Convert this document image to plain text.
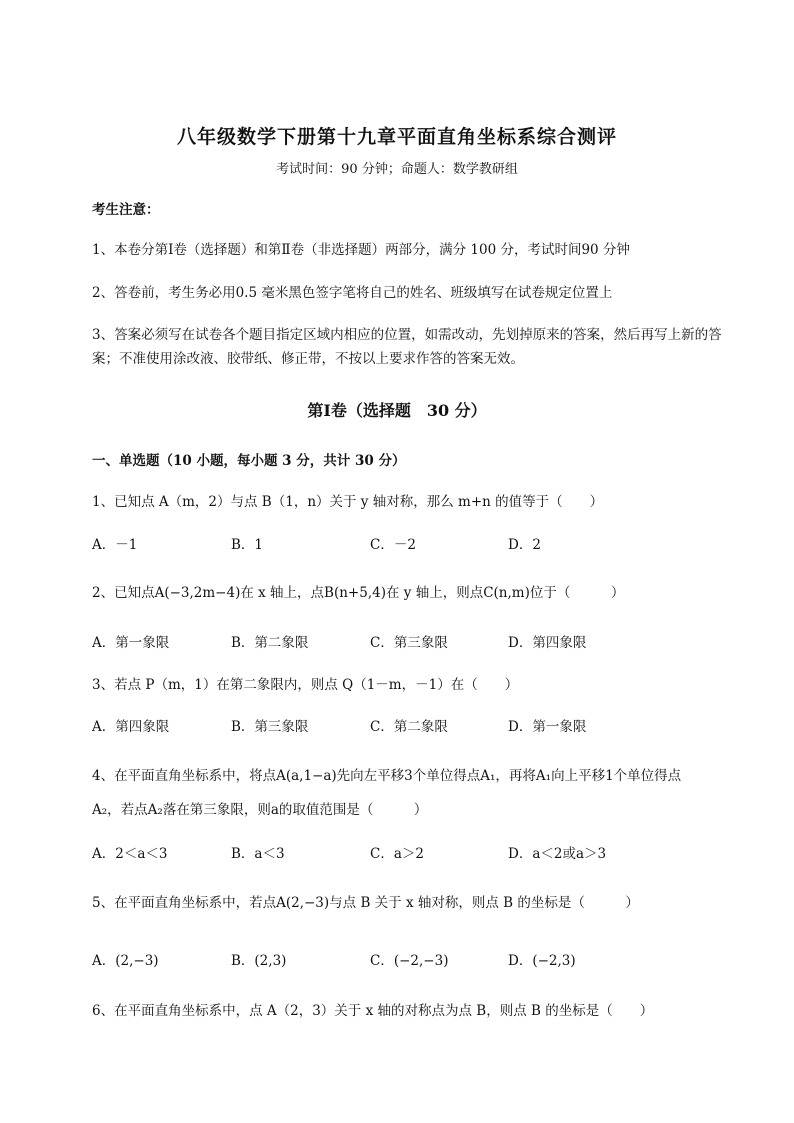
八年级数学下册第十九章平面直角坐标系综合测评
考试时间：90 分钟；命题人：数学教研组
考生注意：
1、本卷分第Ⅰ卷（选择题）和第Ⅱ卷（非选择题）两部分，满分 100 分，考试时间90 分钟
2、答卷前，考生务必用0.5 毫米黑色签字笔将自己的姓名、班级填写在试卷规定位置上
3、答案必须写在试卷各个题目指定区域内相应的位置，如需改动，先划掉原来的答案，然后再写上新的答案；不准使用涂改液、胶带纸、修正带，不按以上要求作答的答案无效。
第Ⅰ卷（选择题　30 分）
一、单选题（10 小题，每小题 3 分，共计 30 分）
1、已知点 A（m，2）与点 B（1，n）关于 y 轴对称，那么 m+n 的值等于（　　）
A．－1	B．1	C．－2	D．2
2、已知点A(−3,2m−4)在 x 轴上，点B(n+5,4)在 y 轴上，则点C(n,m)位于（　　　）
A．第一象限	B．第二象限	C．第三象限	D．第四象限
3、若点 P（m，1）在第二象限内，则点 Q（1－m，－1）在（　　）
A．第四象限	B．第三象限	C．第二象限	D．第一象限
4、在平面直角坐标系中，将点A(a,1−a)先向左平移3个单位得点A₁，再将A₁向上平移1个单位得点
A₂，若点A₂落在第三象限，则a的取值范围是（　　　）
A．2＜a＜3	B．a＜3	C．a＞2	D．a＜2或a＞3
5、在平面直角坐标系中，若点A(2,−3)与点 B 关于 x 轴对称，则点 B 的坐标是（　　　）
A．(2,−3)	B．(2,3)	C．(−2,−3)	D．(−2,3)
6、在平面直角坐标系中，点 A（2，3）关于 x 轴的对称点为点 B，则点 B 的坐标是（　　）
